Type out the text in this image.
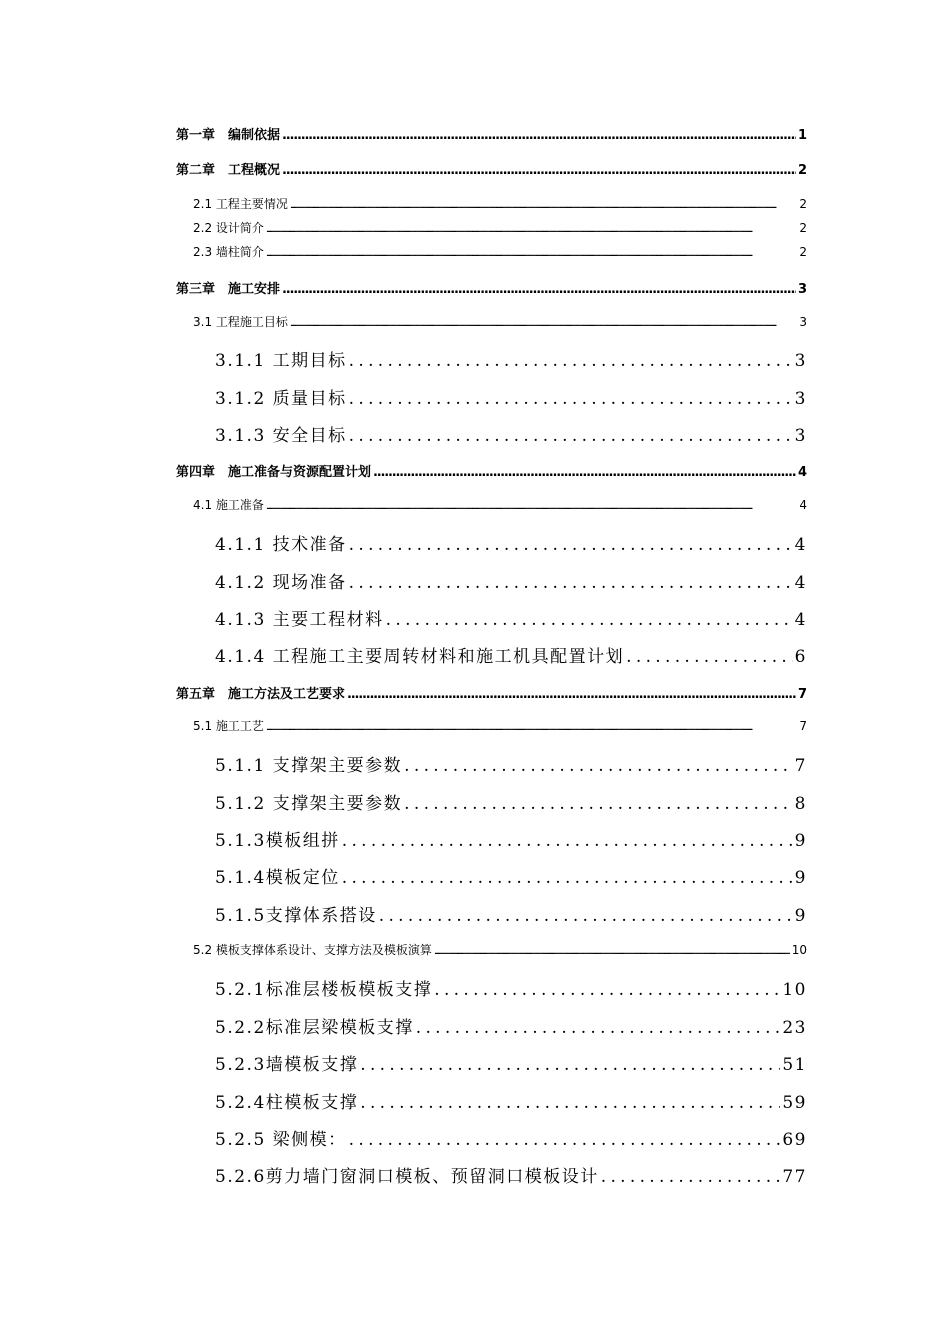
第一章　编制依据 .....	1
第二章　工程概况 .....	2
2.1 工程主要情况 .....	2
2.2 设计简介 .....	2
2.3 墙柱简介 .....	2
第三章　施工安排 .....	3
3.1 工程施工目标 .....	3
3.1.1 工期目标 .....	3
3.1.2 质量目标 .....	3
3.1.3 安全目标 .....	3
第四章　施工准备与资源配置计划 .....	4
4.1 施工准备 .....	4
4.1.1 技术准备 .....	4
4.1.2 现场准备 .....	4
4.1.3 主要工程材料 .....	4
4.1.4 工程施工主要周转材料和施工机具配置计划 .....	6
第五章　施工方法及工艺要求 .....	7
5.1 施工工艺 .....	7
5.1.1 支撑架主要参数 .....	7
5.1.2 支撑架主要参数 .....	8
5.1.3模板组拼 .....	9
5.1.4模板定位 .....	9
5.1.5支撑体系搭设 .....	9
5.2 模板支撑体系设计、支撑方法及模板演算 .....	10
5.2.1标准层楼板模板支撑 .....	10
5.2.2标准层梁模板支撑 .....	23
5.2.3墙模板支撑 .....	51
5.2.4柱模板支撑 .....	59
5.2.5 梁侧模： .....	69
5.2.6剪力墙门窗洞口模板、预留洞口模板设计 .....	77
